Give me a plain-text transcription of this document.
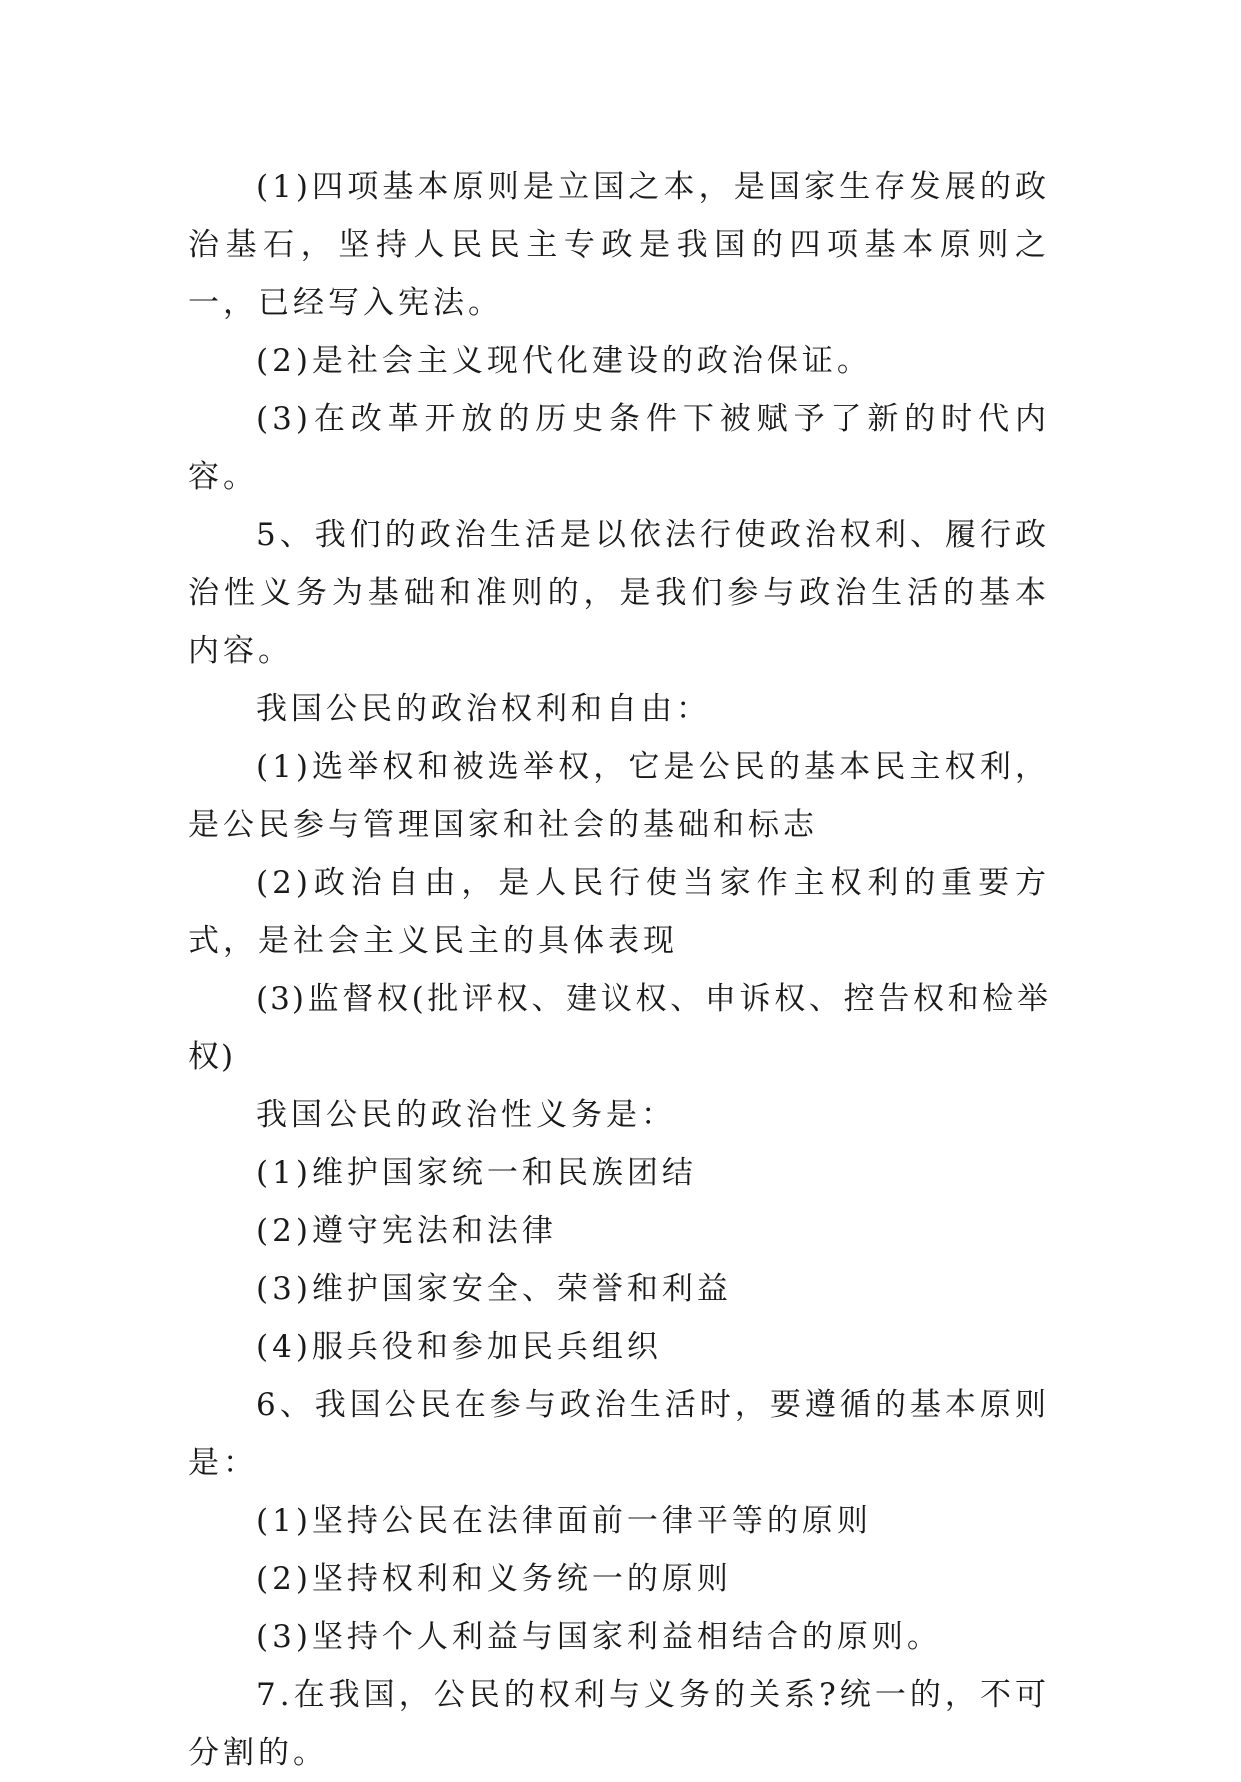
(1)四项基本原则是立国之本，是国家生存发展的政治基石，坚持人民民主专政是我国的四项基本原则之一，已经写入宪法。

(2)是社会主义现代化建设的政治保证。

(3)在改革开放的历史条件下被赋予了新的时代内容。

5、我们的政治生活是以依法行使政治权利、履行政治性义务为基础和准则的，是我们参与政治生活的基本内容。

我国公民的政治权利和自由：

(1)选举权和被选举权，它是公民的基本民主权利，是公民参与管理国家和社会的基础和标志

(2)政治自由，是人民行使当家作主权利的重要方式，是社会主义民主的具体表现

(3)监督权(批评权、建议权、申诉权、控告权和检举权)

我国公民的政治性义务是：

(1)维护国家统一和民族团结

(2)遵守宪法和法律

(3)维护国家安全、荣誉和利益

(4)服兵役和参加民兵组织

6、我国公民在参与政治生活时，要遵循的基本原则是：

(1)坚持公民在法律面前一律平等的原则

(2)坚持权利和义务统一的原则

(3)坚持个人利益与国家利益相结合的原则。

7.在我国，公民的权利与义务的关系?统一的，不可分割的。
